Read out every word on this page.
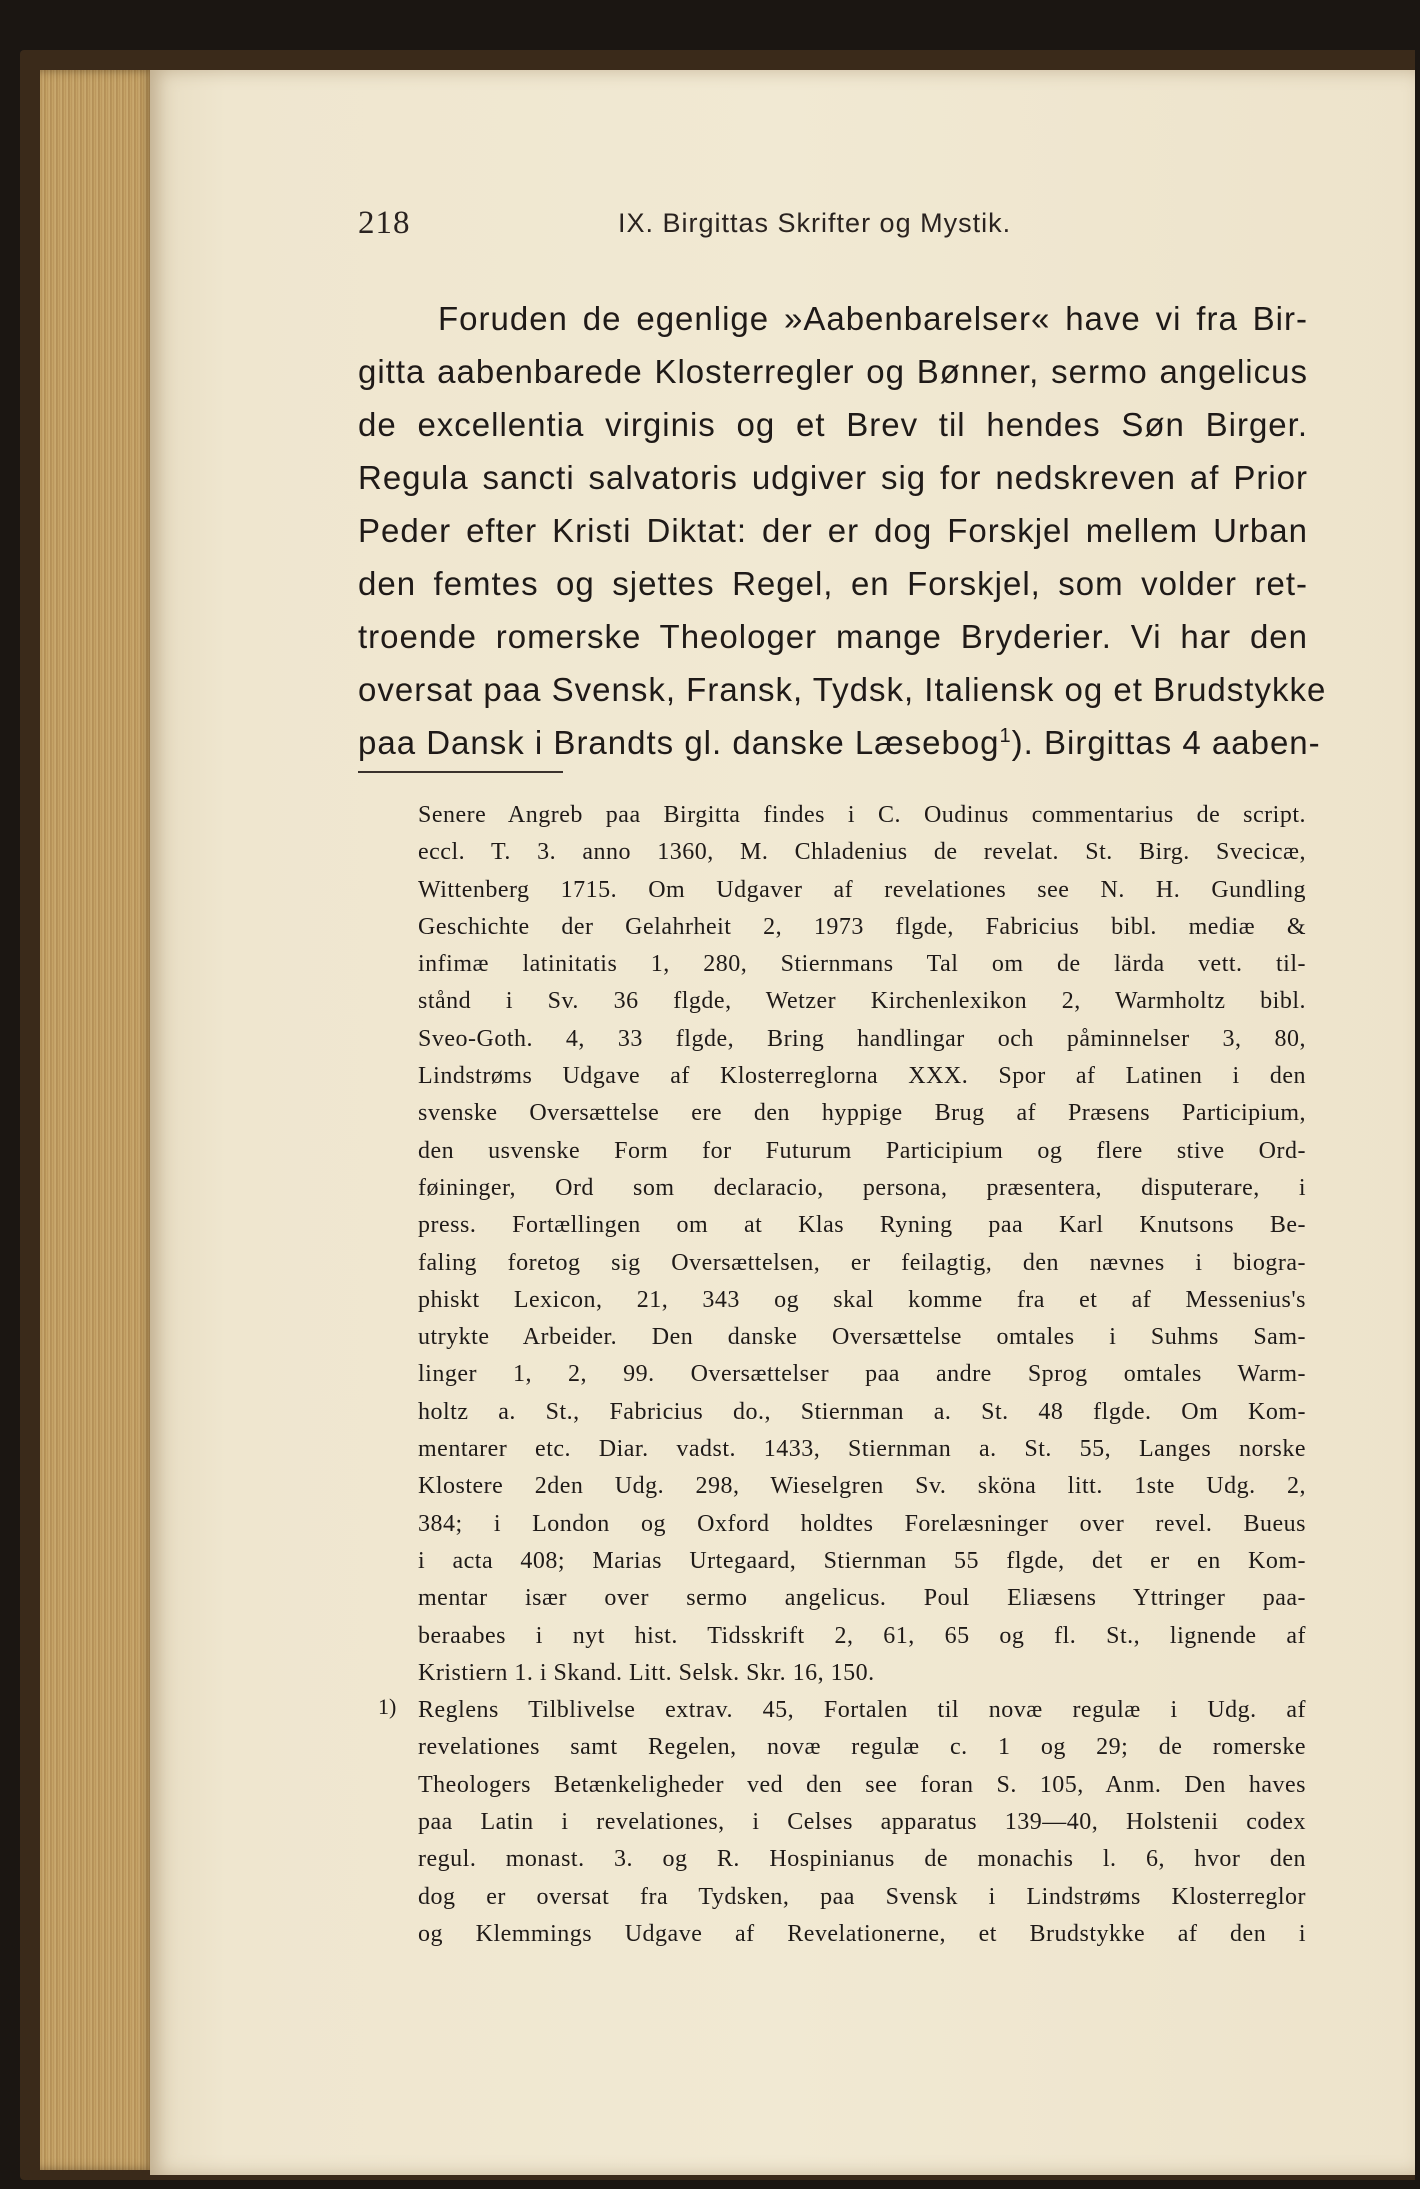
218	IX. Birgittas Skrifter og Mystik.
Foruden de egenlige »Aabenbarelser« have vi fra Bir-
gitta aabenbarede Klosterregler og Bønner, sermo angelicus
de excellentia virginis og et Brev til hendes Søn Birger.
Regula sancti salvatoris udgiver sig for nedskreven af Prior
Peder efter Kristi Diktat: der er dog Forskjel mellem Urban
den femtes og sjettes Regel, en Forskjel, som volder ret-
troende romerske Theologer mange Bryderier. Vi har den
oversat paa Svensk, Fransk, Tydsk, Italiensk og et Brudstykke
paa Dansk i Brandts gl. danske Læsebog$^1$). Birgittas 4 aaben-
Senere Angreb paa Birgitta findes i C. Oudinus commentarius de script.
eccl. T. 3. anno 1360, M. Chladenius de revelat. St. Birg. Svecicæ,
Wittenberg 1715. Om Udgaver af revelationes see N. H. Gundling
Geschichte der Gelahrheit 2, 1973 flgde, Fabricius bibl. mediæ &
infimæ latinitatis 1, 280, Stiernmans Tal om de lärda vett. til-
stånd i Sv. 36 flgde, Wetzer Kirchenlexikon 2, Warmholtz bibl.
Sveo-Goth. 4, 33 flgde, Bring handlingar och påminnelser 3, 80,
Lindstrøms Udgave af Klosterreglorna XXX. Spor af Latinen i den
svenske Oversættelse ere den hyppige Brug af Præsens Participium,
den usvenske Form for Futurum Participium og flere stive Ord-
føininger, Ord som declaracio, persona, præsentera, disputerare, i
press. Fortællingen om at Klas Ryning paa Karl Knutsons Be-
faling foretog sig Oversættelsen, er feilagtig, den nævnes i biogra-
phiskt Lexicon, 21, 343 og skal komme fra et af Messenius's
utrykte Arbeider. Den danske Oversættelse omtales i Suhms Sam-
linger 1, 2, 99. Oversættelser paa andre Sprog omtales Warm-
holtz a. St., Fabricius do., Stiernman a. St. 48 flgde. Om Kom-
mentarer etc. Diar. vadst. 1433, Stiernman a. St. 55, Langes norske
Klostere 2den Udg. 298, Wieselgren Sv. sköna litt. 1ste Udg. 2,
384; i London og Oxford holdtes Forelæsninger over revel. Bueus
i acta 408; Marias Urtegaard, Stiernman 55 flgde, det er en Kom-
mentar især over sermo angelicus. Poul Eliæsens Yttringer paa-
beraabes i nyt hist. Tidsskrift 2, 61, 65 og fl. St., lignende af
Kristiern 1. i Skand. Litt. Selsk. Skr. 16, 150.
Reglens Tilblivelse extrav. 45, Fortalen til novæ regulæ i Udg. af
revelationes samt Regelen, novæ regulæ c. 1 og 29; de romerske
Theologers Betænkeligheder ved den see foran S. 105, Anm. Den haves
paa Latin i revelationes, i Celses apparatus 139—40, Holstenii codex
regul. monast. 3. og R. Hospinianus de monachis l. 6, hvor den
dog er oversat fra Tydsken, paa Svensk i Lindstrøms Klosterreglor
og Klemmings Udgave af Revelationerne, et Brudstykke af den i
1)
